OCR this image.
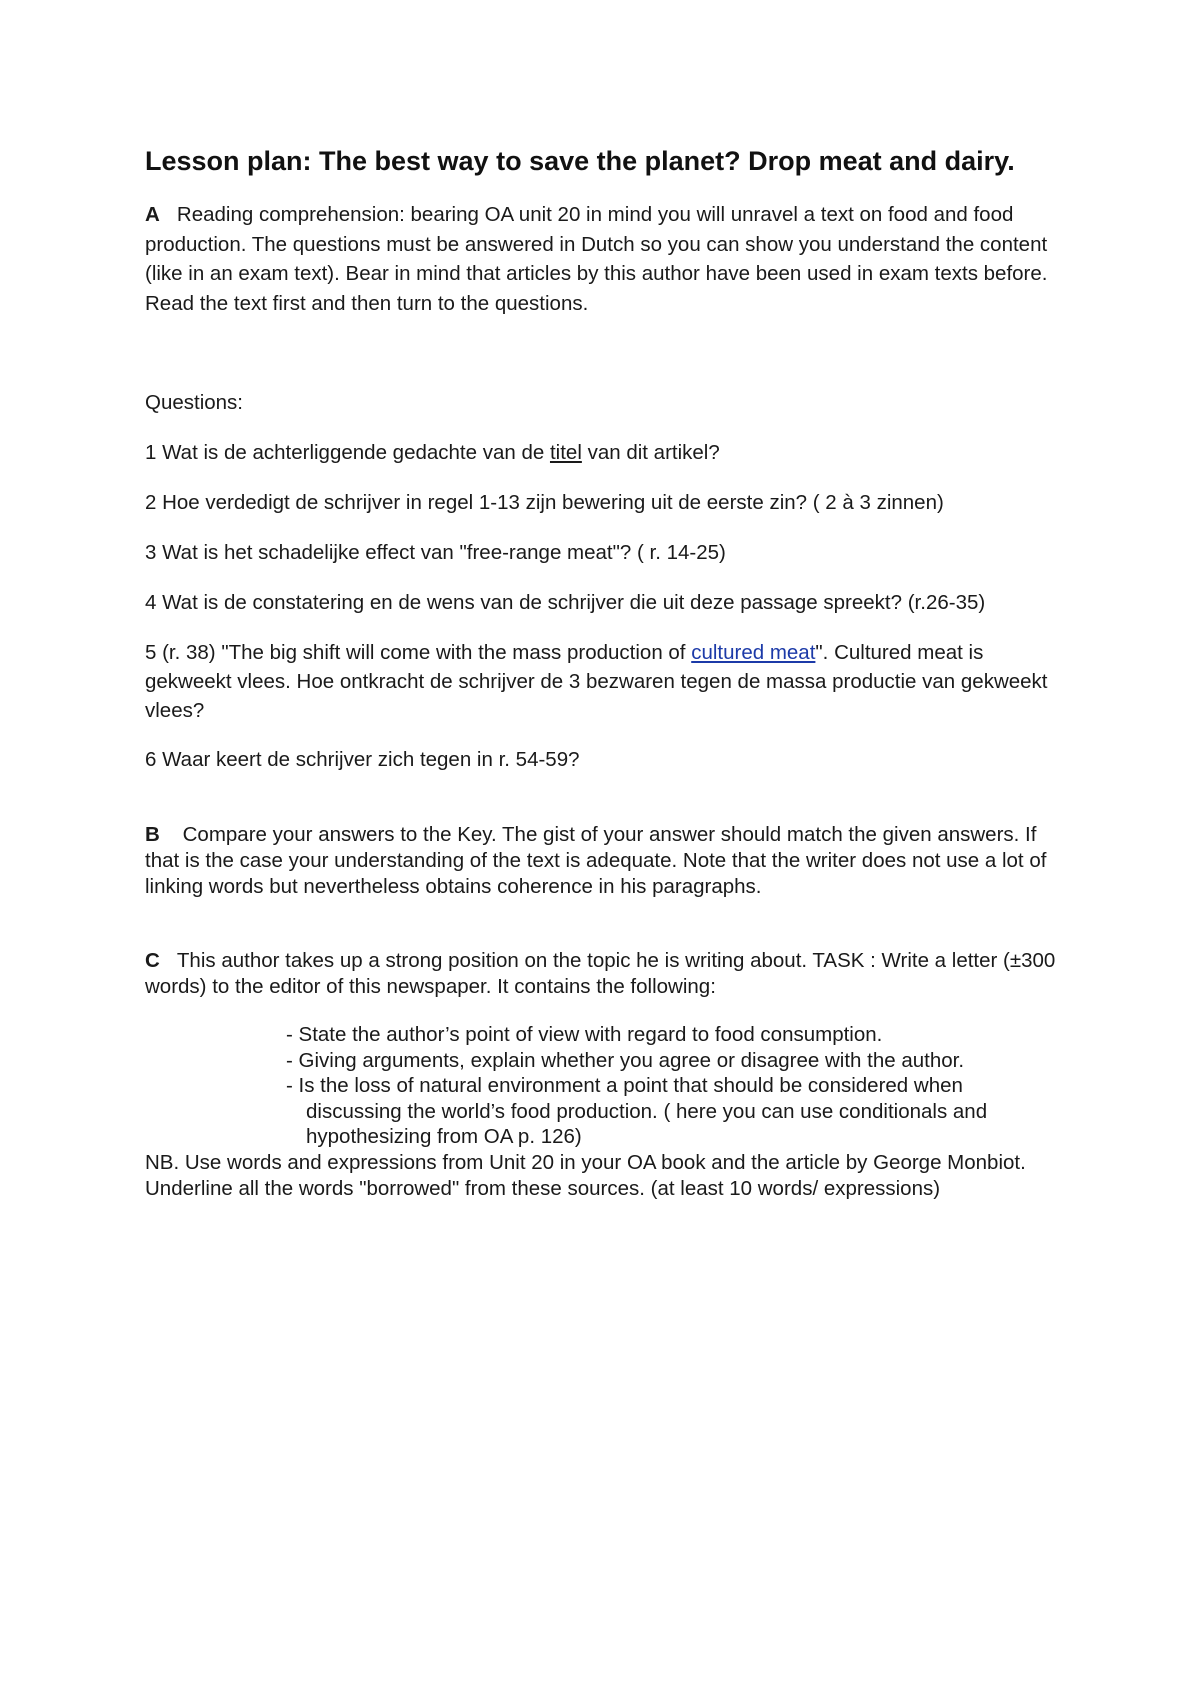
Lesson plan: The best way to save the planet? Drop meat and dairy.
A Reading comprehension: bearing OA unit 20 in mind you will unravel a text on food and food production. The questions must be answered in Dutch so you can show you understand the content (like in an exam text). Bear in mind that articles by this author have been used in exam texts before. Read the text first and then turn to the questions.
Questions:
1 Wat is de achterliggende gedachte van de titel van dit artikel?
2 Hoe verdedigt de schrijver in regel 1-13 zijn bewering uit de eerste zin? ( 2 à 3 zinnen)
3 Wat is het schadelijke effect van "free-range meat"? ( r. 14-25)
4 Wat is de constatering en de wens van de schrijver die uit deze passage spreekt? (r.26-35)
5 (r. 38) "The big shift will come with the mass production of cultured meat". Cultured meat is gekweekt vlees. Hoe ontkracht de schrijver de 3 bezwaren tegen de massa productie van gekweekt vlees?
6 Waar keert de schrijver zich tegen in r. 54-59?
B Compare your answers to the Key. The gist of your answer should match the given answers. If that is the case your understanding of the text is adequate. Note that the writer does not use a lot of linking words but nevertheless obtains coherence in his paragraphs.
C This author takes up a strong position on the topic he is writing about. TASK : Write a letter (±300 words) to the editor of this newspaper. It contains the following:
- State the author’s point of view with regard to food consumption.
- Giving arguments, explain whether you agree or disagree with the author.
- Is the loss of natural environment a point that should be considered when
discussing the world’s food production. ( here you can use conditionals and
hypothesizing from OA p. 126)
NB. Use words and expressions from Unit 20 in your OA book and the article by George Monbiot. Underline all the words "borrowed" from these sources. (at least 10 words/ expressions)
